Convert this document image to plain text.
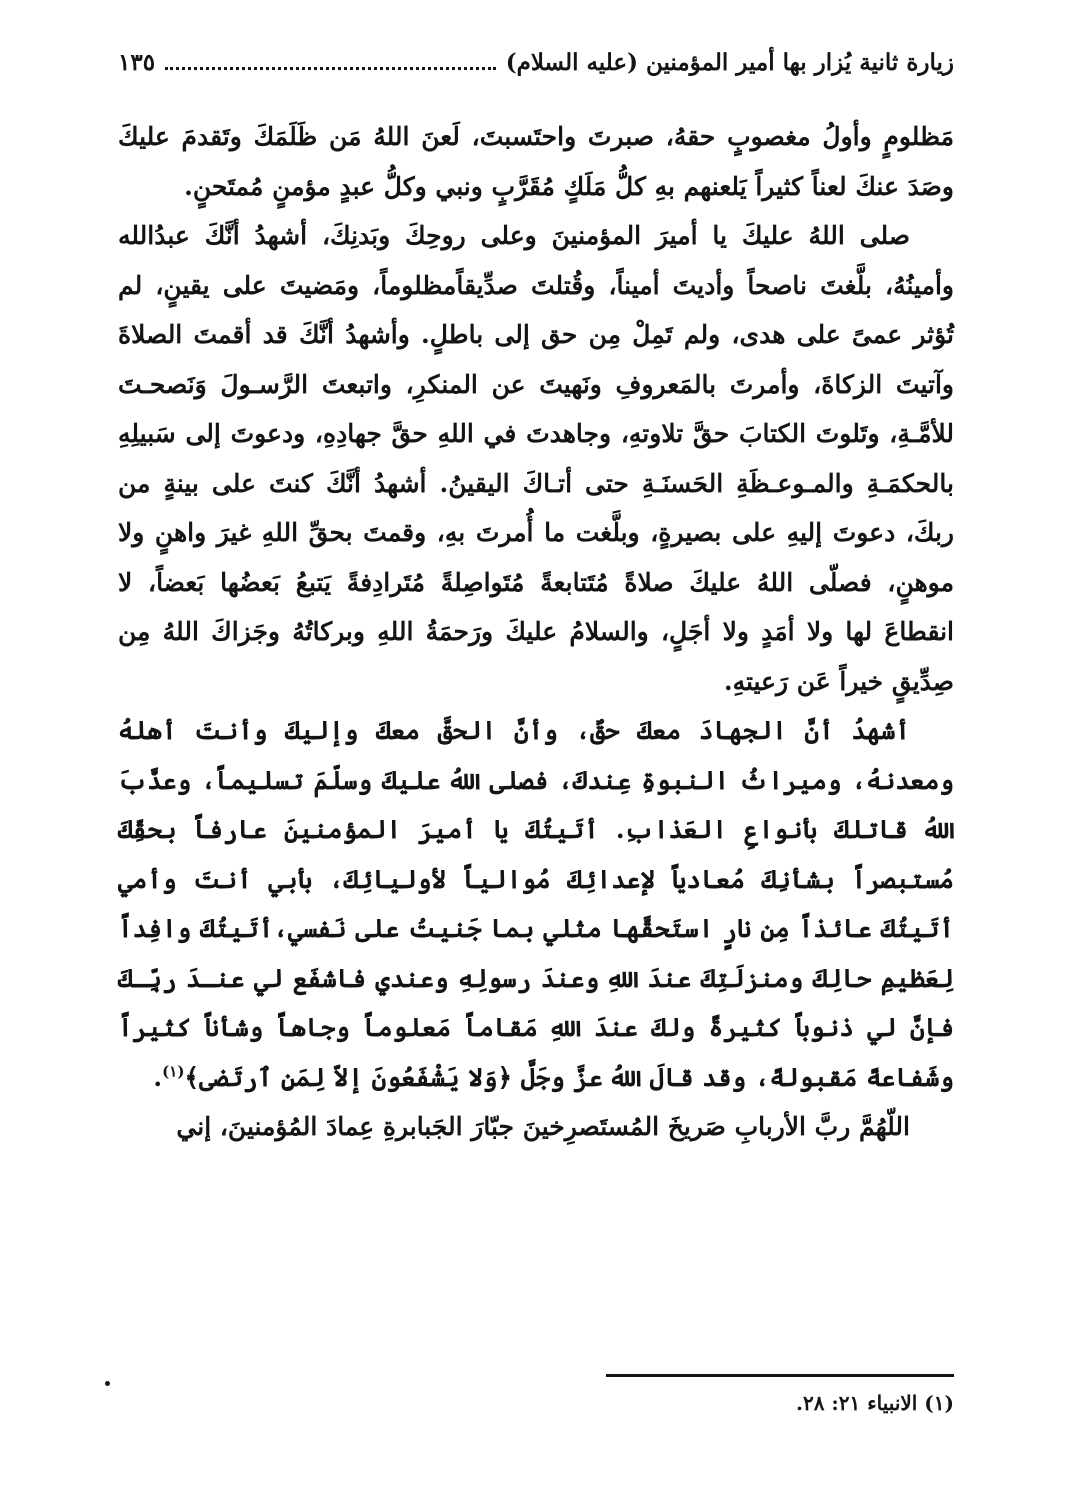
زيارة ثانية يُزار بها أمير المؤمنين (عليه السلام)
١٣٥

مَظلومٍ وأولُ مغصوبٍ حقهُ، صبرتَ واحتَسبتَ، لَعنَ اللهُ مَن ظَلَمَكَ وتَقدمَ عليكَ وصَدَ عنكَ لعناً كثيراً يَلعنهم بهِ كلُّ مَلَكٍ مُقَرَّبٍ ونبي وكلُّ عبدٍ مؤمنٍ مُمتَحنٍ.

صلى اللهُ عليكَ يا أميرَ المؤمنينَ وعلى روحِكَ وبَدنِكَ، أشهدُ أنَّكَ عبدُالله وأمينُهُ، بلَّغتَ ناصحاً وأديتَ أميناً، وقُتلتَ صدِّيقاًمظلوماً، ومَضيتَ على يقينٍ، لم تُؤثر عمىً على هدى، ولم تَمِلْ مِن حق إلى باطلٍ. وأشهدُ أنَّكَ قد أقمتَ الصلاةَ وآتيتَ الزكاةَ، وأمرتَ بالمَعروفِ ونَهيتَ عن المنكرِ، واتبعتَ الرَّسـولَ وَنَصحـتَ للأمَّـةِ، وتَلوتَ الكتابَ حقَّ تلاوتهِ، وجاهدتَ في اللهِ حقَّ جهادِهِ، ودعوتَ إلى سَبيلِهِ بالحكمَـةِ والمـوعـظَةِ الحَسنَـةِ حتى أتـاكَ اليقينُ. أشهدُ أنَّكَ كنتَ على بينةٍ من ربكَ، دعوتَ إليهِ على بصيرةٍ، وبلَّغت ما أُمرتَ بهِ، وقمتَ بحقِّ اللهِ غيرَ واهنٍ ولا موهنٍ، فصلّى اللهُ عليكَ صلاةً مُتَتابعةً مُتَواصِلةً مُتَرادِفةً يَتبعُ بَعضُها بَعضاً، لا انقطاعَ لها ولا أمَدٍ ولا أجَلٍ، والسلامُ عليكَ ورَحمَةُ اللهِ وبركاتُهُ وجَزاكَ اللهُ مِن صِدِّيقٍ خيراً عَن رَعيتهِ.

أشهدُ أنَّ الجهادَ معكَ حقٌ، وأنَّ الحقَّ معكَ وإليكَ وأنتَ أهلهُ ومعدنهُ، وميراثُ النبوةِ عِندكَ، فصلى اللهُ عليكَ وسلّمَ تسليماً، وعذَّبَ اللهُ قاتلكَ بأنواعِ العَذابِ. أتَيتُكَ يا أميرَ المؤمنينَ عارفاً بحقِّكَ مُستبصراً بشأنِكَ مُعادياً لإعدائِكَ مُوالياً لأوليائِكَ، بأبي أنتَ وأمي أتَيتُكَ عائذاً مِن نارٍ استَحقَّها مثلي بما جَنيتُ على نَفسي،أتَيتُكَ وافِداً لِعَظيمِ حالِكَ ومنزلَتِكَ عندَ اللهِ وعندَ رسولِهِ وعندي فاشفَع لي عنـدَ ربِّـكَ فإنَّ لي ذنوباً كثيرةً ولكَ عندَ اللهِ مَقاماً مَعلوماً وجاهاً وشأناً كثيراً وشَفاعةً مَقبولةً، وقد قالَ اللهُ عزَّ وجَلَّ ﴿وَلا يَشْفَعُونَ إلاّ لِمَنِ ٱرتَضى﴾$^{(١)}$.

اللّهُمَّ ربَّ الأربابِ صَريخَ المُستَصرِخينَ جبّارَ الجَبابرةِ عِمادَ المُؤمنينَ، إني

(١) الانبياء ٢١: ٢٨.
